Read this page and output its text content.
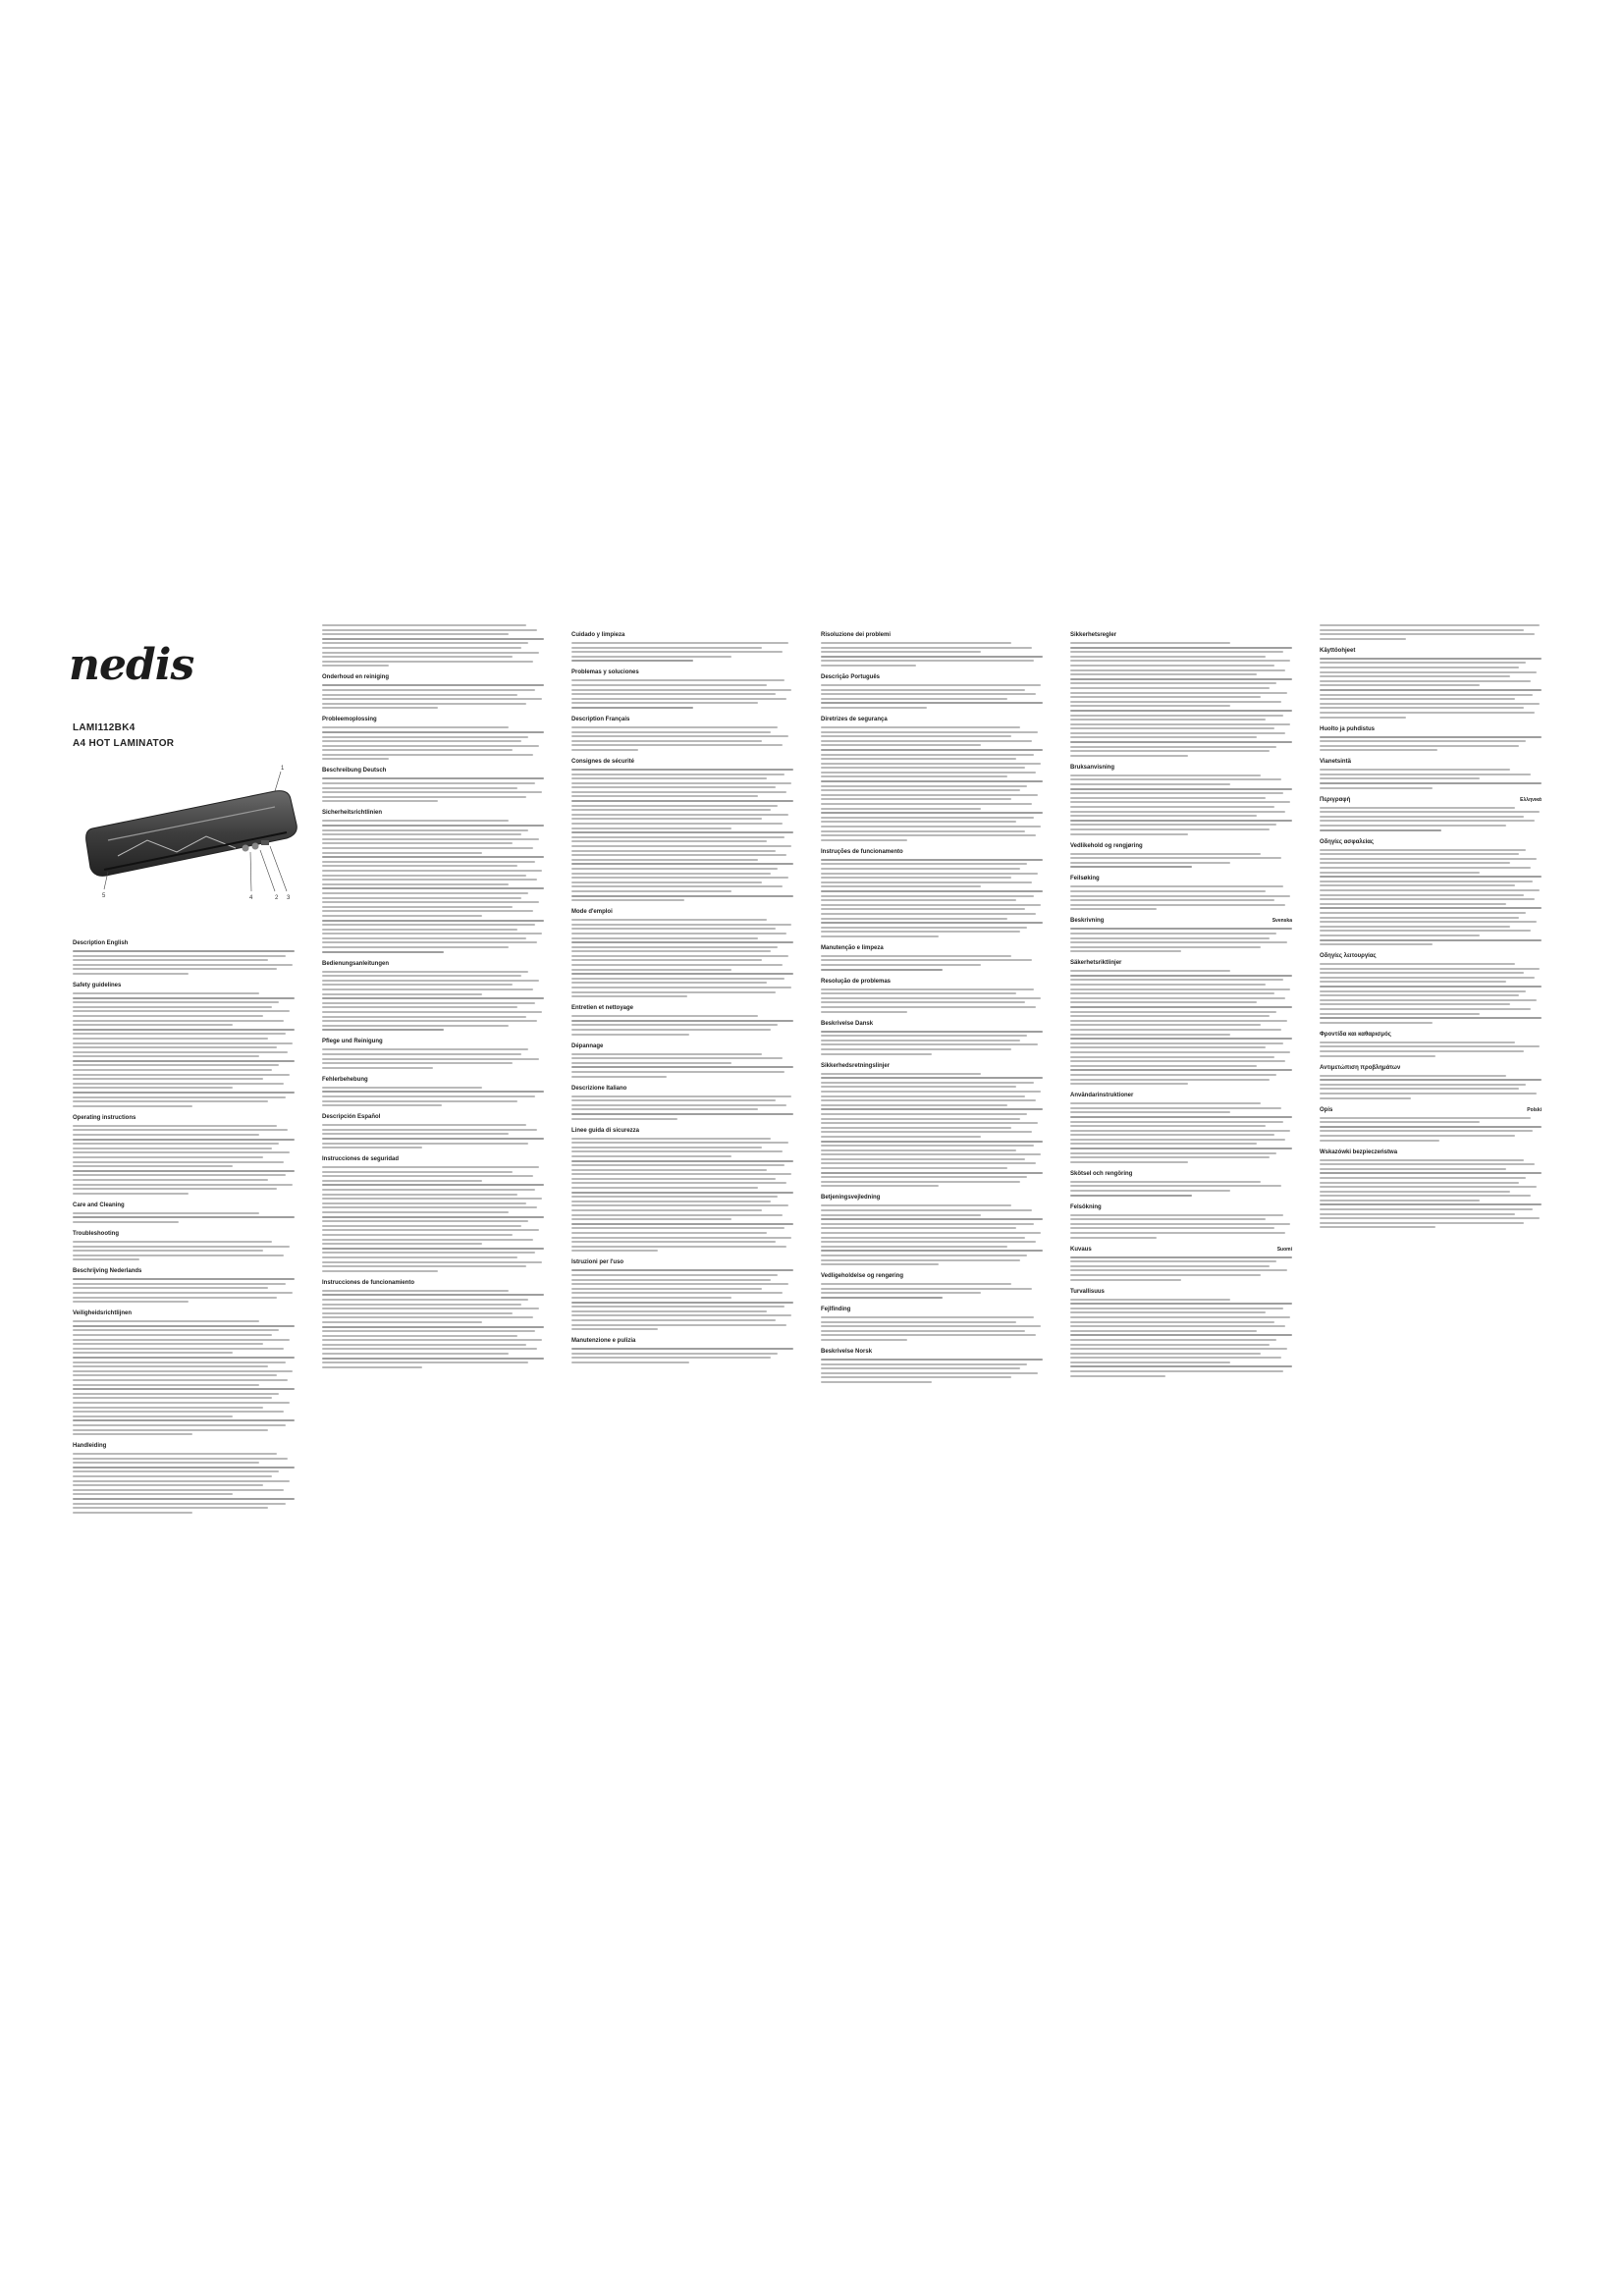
nedis
LAMI112BK4
A4 HOT LAMINATOR
1
2 3
4
5
Description English
Safety guidelines
Operating instructions
Care and Cleaning
Troubleshooting
Beschrijving Nederlands
Veiligheidsrichtlijnen
Handleiding
Onderhoud en reiniging
Probleemoplossing
Beschreibung Deutsch
Sicherheitsrichtlinien
Bedienungsanleitungen
Pflege und Reinigung
Fehlerbehebung
Descripción Español
Instrucciones de seguridad
Instrucciones de funcionamiento
Cuidado y limpieza
Problemas y soluciones
Description Français
Consignes de sécurité
Mode d'emploi
Entretien et nettoyage
Dépannage
Descrizione Italiano
Linee guida di sicurezza
Istruzioni per l'uso
Manutenzione e pulizia
Risoluzione dei problemi
Descrição Português
Diretrizes de segurança
Instruções de funcionamento
Manutenção e limpeza
Resolução de problemas
Beskrivelse Dansk
Sikkerhedsretningslinjer
Betjeningsvejledning
Vedligeholdelse og rengøring
Fejlfinding
Beskrivelse Norsk
Sikkerhetsregler
Bruksanvisning
Vedlikehold og rengjøring
Feilsøking
Svenska
Beskrivning
Säkerhetsriktlinjer
Användarinstruktioner
Skötsel och rengöring
Felsökning
Suomi
Kuvaus
Turvallisuus
Käyttöohjeet
Huolto ja puhdistus
Vianetsintä
Ελληνικά
Περιγραφή
Οδηγίες ασφαλείας
Οδηγίες λειτουργίας
Φροντίδα και καθαρισμός
Αντιμετώπιση προβλημάτων
Polski
Opis
Wskazówki bezpieczeństwa
